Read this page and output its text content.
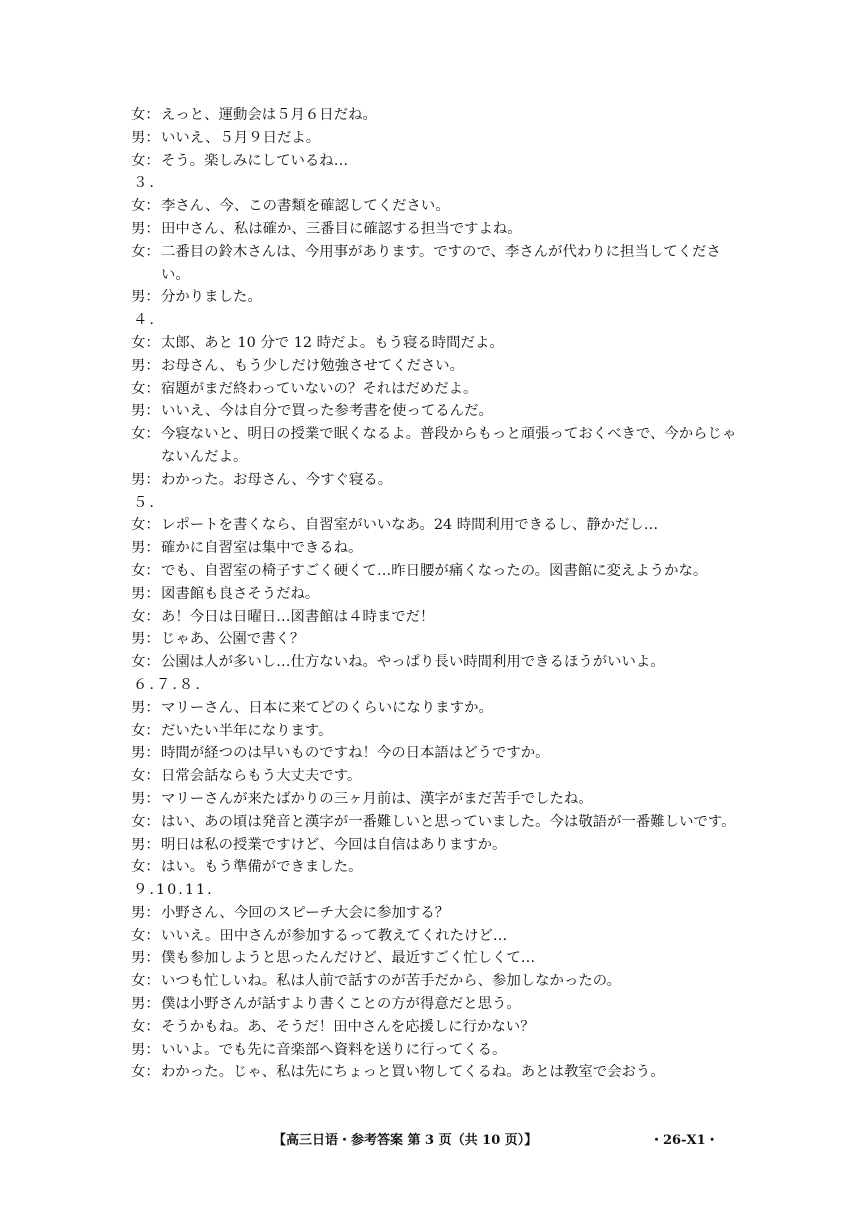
女： えっと、運動会は５月６日だね。
男： いいえ、５月９日だよ。
女： そう。楽しみにしているね…
３.
女： 李さん、今、この書類を確認してください。
男： 田中さん、私は確か、三番目に確認する担当ですよね。
女： 二番目の鈴木さんは、今用事があります。ですので、李さんが代わりに担当してください。
男： 分かりました。
４.
女： 太郎、あと 10 分で 12 時だよ。もう寝る時間だよ。
男： お母さん、もう少しだけ勉強させてください。
女： 宿題がまだ終わっていないの？それはだめだよ。
男： いいえ、今は自分で買った参考書を使ってるんだ。
女： 今寝ないと、明日の授業で眠くなるよ。普段からもっと頑張っておくべきで、今からじゃないんだよ。
男： わかった。お母さん、今すぐ寝る。
５.
女： レポートを書くなら、自習室がいいなあ。24 時間利用できるし、静かだし…
男： 確かに自習室は集中できるね。
女： でも、自習室の椅子すごく硬くて…昨日腰が痛くなったの。図書館に変えようかな。
男： 図書館も良さそうだね。
女： あ！今日は日曜日…図書館は４時までだ！
男： じゃあ、公園で書く？
女： 公園は人が多いし…仕方ないね。やっぱり長い時間利用できるほうがいいよ。
６.７.８.
男： マリーさん、日本に来てどのくらいになりますか。
女： だいたい半年になります。
男： 時間が経つのは早いものですね！今の日本語はどうですか。
女： 日常会話ならもう大丈夫です。
男： マリーさんが来たばかりの三ヶ月前は、漢字がまだ苦手でしたね。
女： はい、あの頃は発音と漢字が一番難しいと思っていました。今は敬語が一番難しいです。
男： 明日は私の授業ですけど、今回は自信はありますか。
女： はい。もう準備ができました。
９.10.11.
男： 小野さん、今回のスピーチ大会に参加する？
女： いいえ。田中さんが参加するって教えてくれたけど…
男： 僕も参加しようと思ったんだけど、最近すごく忙しくて…
女： いつも忙しいね。私は人前で話すのが苦手だから、参加しなかったの。
男： 僕は小野さんが話すより書くことの方が得意だと思う。
女： そうかもね。あ、そうだ！田中さんを応援しに行かない？
男： いいよ。でも先に音楽部へ資料を送りに行ってくる。
女： わかった。じゃ、私は先にちょっと買い物してくるね。あとは教室で会おう。
【高三日语・参考答案 第 3 页（共 10 页）】	・26-X1・
